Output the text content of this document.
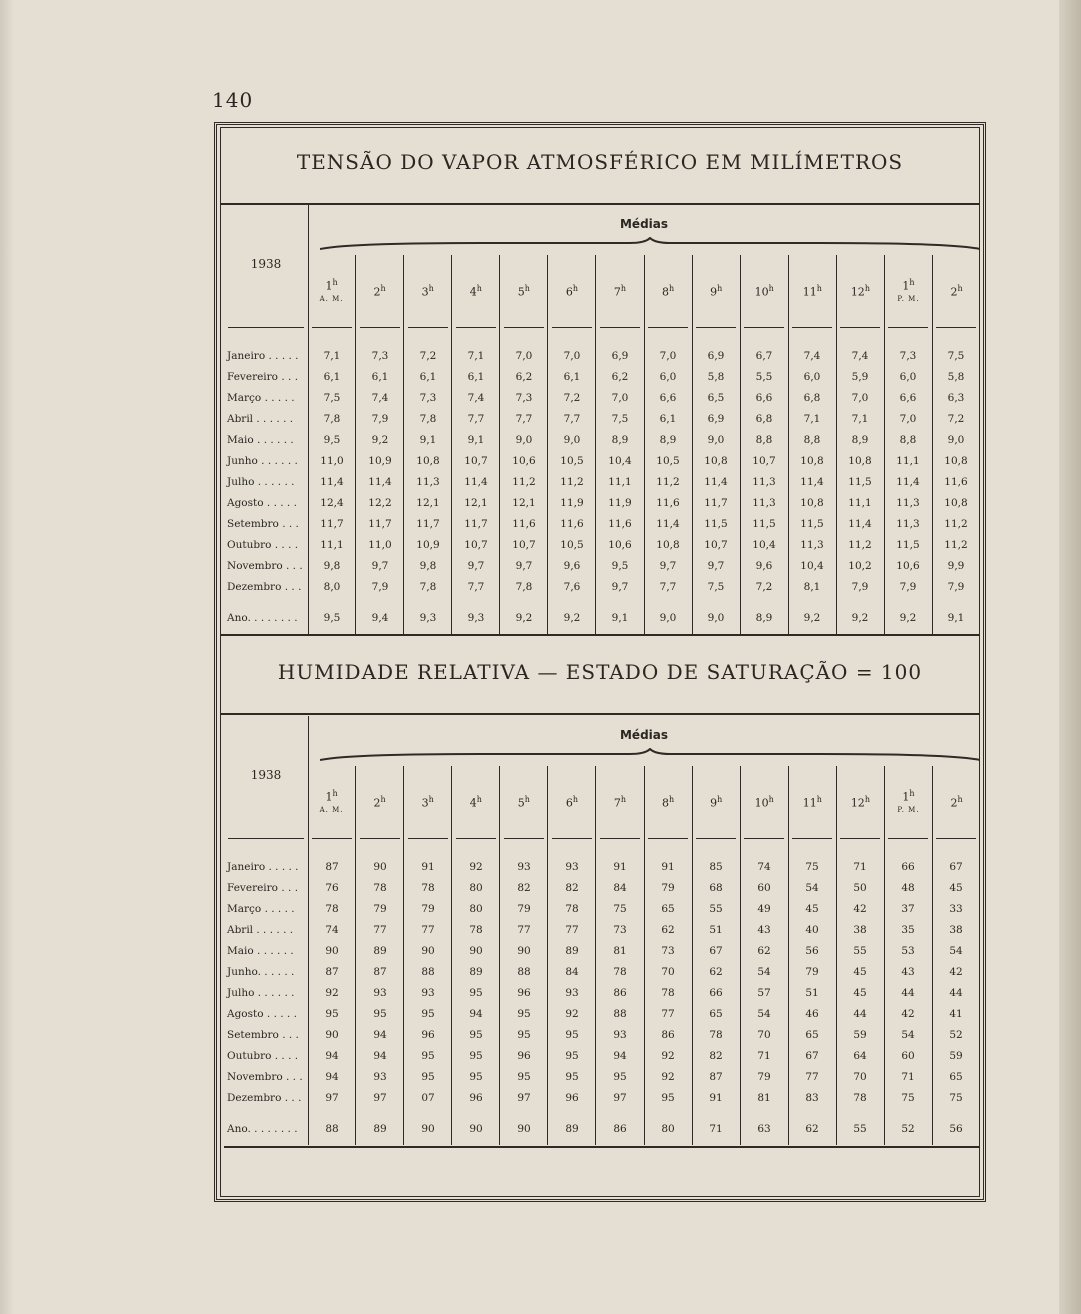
140
TENSÃO DO VAPOR ATMOSFÉRICO EM MILÍMETROS
1938
Médias
1$^h$
A. M.	2$^h$	3$^h$	4$^h$	5$^h$	6$^h$	7$^h$	8$^h$	9$^h$	10$^h$	11$^h$	12$^h$	1$^h$
P. M.	2$^h$
Janeiro . . . . .	7,1	7,3	7,2	7,1	7,0	7,0	6,9	7,0	6,9	6,7	7,4	7,4	7,3	7,5
Fevereiro . . .	6,1	6,1	6,1	6,1	6,2	6,1	6,2	6,0	5,8	5,5	6,0	5,9	6,0	5,8
Março . . . . .	7,5	7,4	7,3	7,4	7,3	7,2	7,0	6,6	6,5	6,6	6,8	7,0	6,6	6,3
Abril . . . . . .	7,8	7,9	7,8	7,7	7,7	7,7	7,5	6,1	6,9	6,8	7,1	7,1	7,0	7,2
Maio . . . . . .	9,5	9,2	9,1	9,1	9,0	9,0	8,9	8,9	9,0	8,8	8,8	8,9	8,8	9,0
Junho . . . . . .	11,0	10,9	10,8	10,7	10,6	10,5	10,4	10,5	10,8	10,7	10,8	10,8	11,1	10,8
Julho . . . . . .	11,4	11,4	11,3	11,4	11,2	11,2	11,1	11,2	11,4	11,3	11,4	11,5	11,4	11,6
Agosto . . . . .	12,4	12,2	12,1	12,1	12,1	11,9	11,9	11,6	11,7	11,3	10,8	11,1	11,3	10,8
Setembro . . .	11,7	11,7	11,7	11,7	11,6	11,6	11,6	11,4	11,5	11,5	11,5	11,4	11,3	11,2
Outubro . . . .	11,1	11,0	10,9	10,7	10,7	10,5	10,6	10,8	10,7	10,4	11,3	11,2	11,5	11,2
Novembro . . .	9,8	9,7	9,8	9,7	9,7	9,6	9,5	9,7	9,7	9,6	10,4	10,2	10,6	9,9
Dezembro . . .	8,0	7,9	7,8	7,7	7,8	7,6	9,7	7,7	7,5	7,2	8,1	7,9	7,9	7,9
Ano. . . . . . . .	9,5	9,4	9,3	9,3	9,2	9,2	9,1	9,0	9,0	8,9	9,2	9,2	9,2	9,1
HUMIDADE RELATIVA — ESTADO DE SATURAÇÃO = 100
1938
Médias
1$^h$
A. M.	2$^h$	3$^h$	4$^h$	5$^h$	6$^h$	7$^h$	8$^h$	9$^h$	10$^h$	11$^h$	12$^h$	1$^h$
P. M.	2$^h$
Janeiro . . . . .	87	90	91	92	93	93	91	91	85	74	75	71	66	67
Fevereiro . . .	76	78	78	80	82	82	84	79	68	60	54	50	48	45
Março . . . . .	78	79	79	80	79	78	75	65	55	49	45	42	37	33
Abril . . . . . .	74	77	77	78	77	77	73	62	51	43	40	38	35	38
Maio . . . . . .	90	89	90	90	90	89	81	73	67	62	56	55	53	54
Junho. . . . . .	87	87	88	89	88	84	78	70	62	54	79	45	43	42
Julho . . . . . .	92	93	93	95	96	93	86	78	66	57	51	45	44	44
Agosto . . . . .	95	95	95	94	95	92	88	77	65	54	46	44	42	41
Setembro . . .	90	94	96	95	95	95	93	86	78	70	65	59	54	52
Outubro . . . .	94	94	95	95	96	95	94	92	82	71	67	64	60	59
Novembro . . .	94	93	95	95	95	95	95	92	87	79	77	70	71	65
Dezembro . . .	97	97	07	96	97	96	97	95	91	81	83	78	75	75
Ano. . . . . . . .	88	89	90	90	90	89	86	80	71	63	62	55	52	56
